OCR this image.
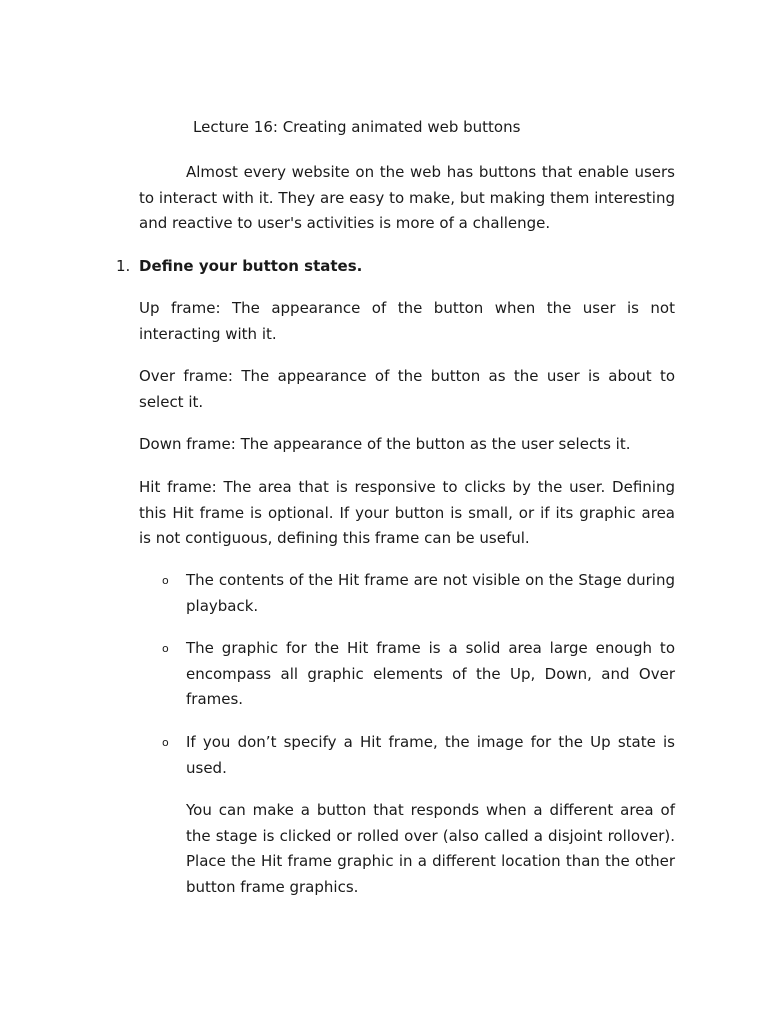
Lecture 16: Creating animated web buttons
Almost every website on the web has buttons that enable users to interact with it. They are easy to make, but making them interesting and reactive to user's activities is more of a challenge.
1. Define your button states.
Up frame: The appearance of the button when the user is not interacting with it.
Over frame: The appearance of the button as the user is about to select it.
Down frame: The appearance of the button as the user selects it.
Hit frame: The area that is responsive to clicks by the user. Defining this Hit frame is optional. If your button is small, or if its graphic area is not contiguous, defining this frame can be useful.
o The contents of the Hit frame are not visible on the Stage during playback.
o The graphic for the Hit frame is a solid area large enough to encompass all graphic elements of the Up, Down, and Over frames.
o If you don’t specify a Hit frame, the image for the Up state is used.
You can make a button that responds when a different area of the stage is clicked or rolled over (also called a disjoint rollover). Place the Hit frame graphic in a different location than the other button frame graphics.
